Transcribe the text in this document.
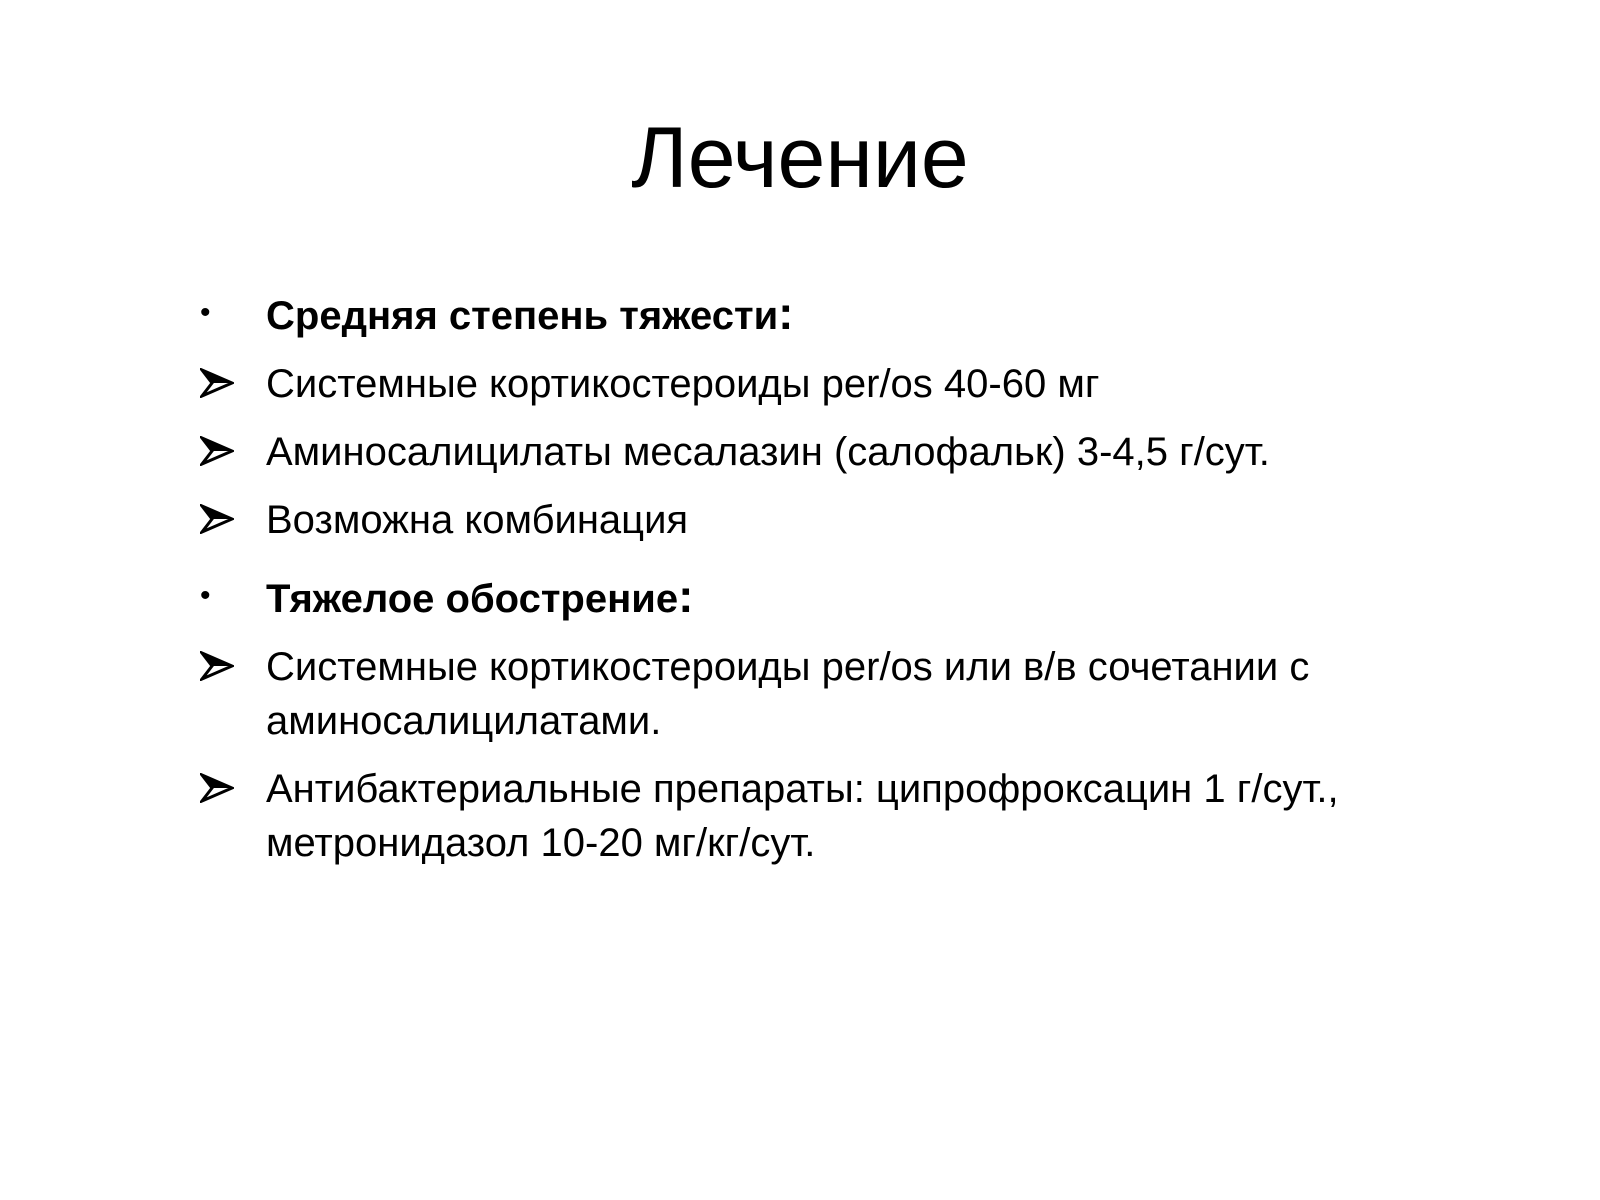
Лечение
•	Средняя степень тяжести:
Системные кортикостероиды per/os 40-60 мг
Аминосалицилаты месалазин (салофальк) 3-4,5 г/сут.
Возможна комбинация
•	Тяжелое обострение:
Системные кортикостероиды per/os или в/в сочетании с аминосалицилатами.
Антибактериальные препараты: ципрофроксацин 1 г/сут., метронидазол 10-20 мг/кг/сут.
